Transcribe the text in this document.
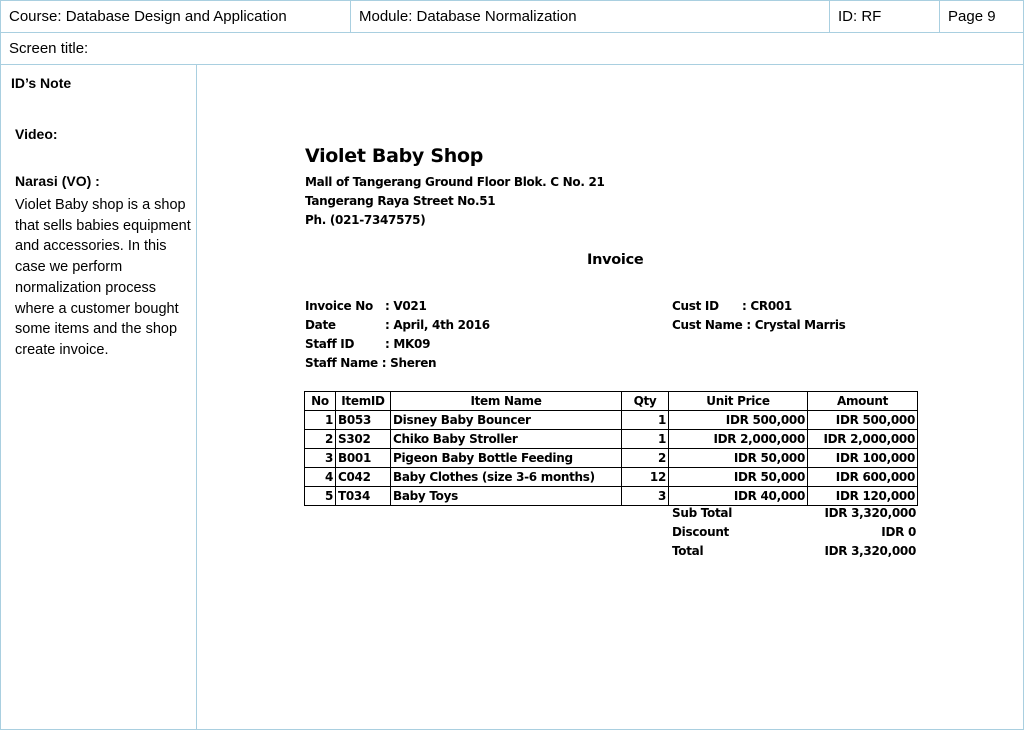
Course: Database Design and Application	Module: Database Normalization	ID: RF	Page 9
Screen title:
ID’s Note
Video:
Narasi (VO) :
Violet Baby shop is a shop that sells babies equipment and accessories. In this case we perform normalization process where a customer bought some items and the shop create invoice.
Violet Baby Shop
Mall of Tangerang Ground Floor Blok. C No. 21
Tangerang Raya Street No.51
Ph. (021-7347575)
Invoice
Invoice No : V021
Date	: April, 4th 2016
Staff ID	: MK09
Staff Name : Sheren
Cust ID : CR001
Cust Name : Crystal Marris
No	ItemID	Item Name	Qty	Unit Price	Amount
1	B053	Disney Baby Bouncer	1	IDR 500,000	IDR 500,000
2	S302	Chiko Baby Stroller	1	IDR 2,000,000	IDR 2,000,000
3	B001	Pigeon Baby Bottle Feeding	2	IDR 50,000	IDR 100,000
4	C042	Baby Clothes (size 3-6 months)	12	IDR 50,000	IDR 600,000
5	T034	Baby Toys	3	IDR 40,000	IDR 120,000
Sub Total	IDR 3,320,000
Discount	IDR 0
Total	IDR 3,320,000
